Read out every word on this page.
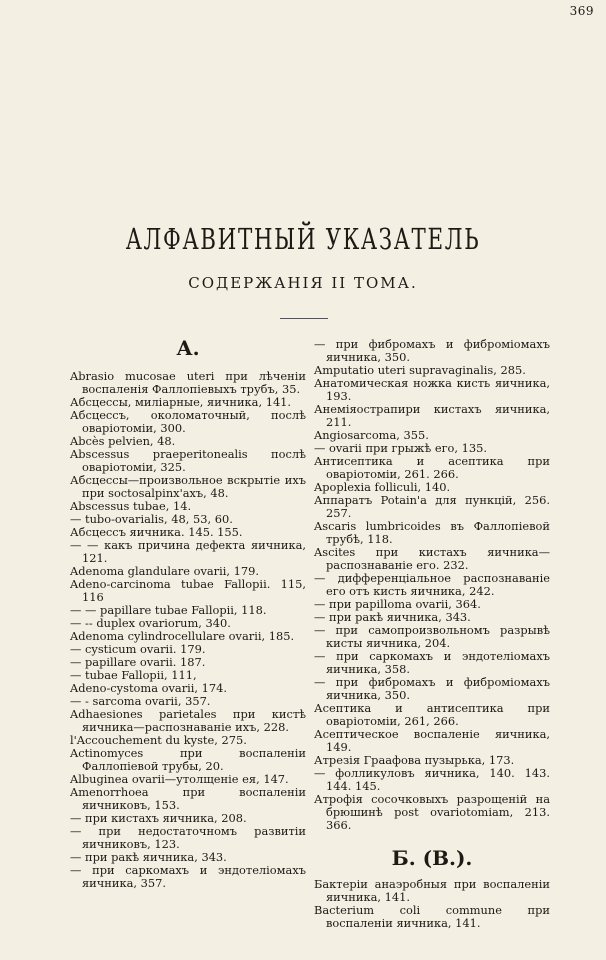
369
АЛФАВИТНЫЙ УКАЗАТЕЛЬ
СОДЕРЖАНІЯ II ТОМА.
А.

Abrasio mucosae uteri при лѣченіи воспаленія Фаллопіевыхъ трубъ, 35.

Абсцессы, миліарные, яичника, 141.

Абсцессъ, околоматочный, послѣ оваріотоміи, 300.

Abcès pelvien, 48.

Abscessus praeperitonealis послѣ оваріотоміи, 325.

Абсцессы—произвольное вскрытіе ихъ при soctosalpinx'ахъ, 48.

Abscessus tubae, 14.

— tubo-ovarialis, 48, 53, 60.

Абсцессъ яичника. 145. 155.

— — какъ причина дефекта яичника, 121.

Adenoma glandulare ovarii, 179.

Adeno-carcinoma tubae Fallopii. 115, 116

— — papillare tubae Fallopii, 118.

— -- duplex ovariorum, 340.

Adenoma cylindrocellulare ovarii, 185.

— cysticum ovarii. 179.

— papillare ovarii. 187.

— tubae Fallopii, 111,

Adeno-cystoma ovarii, 174.

— - sarcoma ovarii, 357.

Adhaesiones parietales при кистѣ яичника—распознаваніе ихъ, 228.

l'Accouchement du kyste, 275.

Actinomyces при воспаленіи Фаллопіевой трубы, 20.

Albuginea ovarii—утолщеніе ея, 147.

Amenorrhoea при воспаленіи яичниковъ, 153.

— при кистахъ яичника, 208.

— при недостаточномъ развитіи яичниковъ, 123.

— при ракѣ яичника, 343.

— при саркомахъ и эндотеліомахъ яичника, 357.

— при фибромахъ и фиброміомахъ яичника, 350.

Amputatio uteri supravaginalis, 285.

Анатомическая ножка кисть яичника, 193.

Анеміяострапири кистахъ яичника, 211.

Angiosarcoma, 355.

— ovarii при грыжѣ его, 135.

Антисептика и асептика при оваріотоміи, 261. 266.

Apoplexia folliculi, 140.

Аппаратъ Potain'a для пункцій, 256. 257.

Ascaris lumbricoides въ Фаллопіевой трубѣ, 118.

Ascites при кистахъ яичника—распознаваніе его. 232.

— дифференціальное распознаваніе его отъ кисть яичника, 242.

— при papilloma ovarii, 364.

— при ракѣ яичника, 343.

— при самопроизвольномъ разрывѣ кисты яичника, 204.

— при саркомахъ и эндотеліомахъ яичника, 358.

— при фибромахъ и фиброміомахъ яичника, 350.

Асептика и антисептика при оваріотоміи, 261, 266.

Асептическое воспаленіе яичника, 149.

Атрезія Граафова пузырька, 173.

— фолликуловъ яичника, 140. 143. 144. 145.

Атрофія сосочковыхъ разрощеній на брюшинѣ post ovariotomiam, 213. 366.

Б. (В.).

Бактеріи анаэробныя при воспаленіи яичника, 141.

Bacterium coli commune при воспаленіи яичника, 141.
